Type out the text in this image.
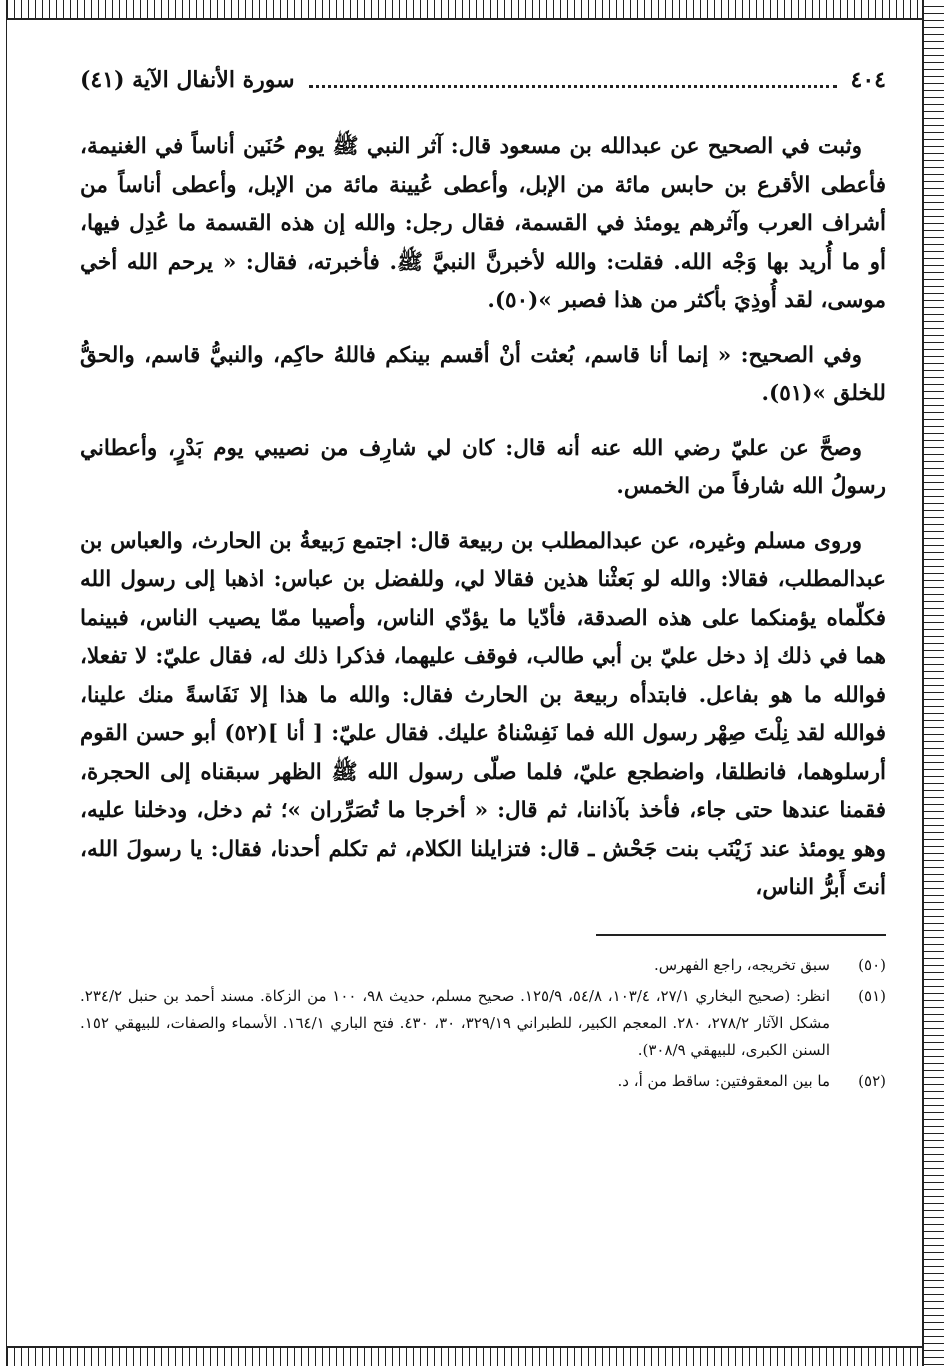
٤٠٤
سورة الأنفال الآية (٤١)

وثبت في الصحيح عن عبدالله بن مسعود قال: آثر النبي ﷺ يوم حُنَين أناساً في الغنيمة، فأعطى الأقرع بن حابس مائة من الإبل، وأعطى عُيينة مائة من الإبل، وأعطى أناساً من أشراف العرب وآثرهم يومئذ في القسمة، فقال رجل: والله إن هذه القسمة ما عُدِل فيها، أو ما أُريد بها وَجْه الله. فقلت: والله لأخبرنَّ النبيَّ ﷺ. فأخبرته، فقال: « يرحم الله أخي موسى، لقد أُوذِيَ بأكثر من هذا فصبر »(٥٠).

وفي الصحيح: « إنما أنا قاسم، بُعثت أنْ أقسم بينكم فاللهُ حاكِم، والنبيُّ قاسم، والحقُّ للخلق »(٥١).

وصحَّ عن عليّ رضي الله عنه أنه قال: كان لي شارِف من نصيبي يوم بَدْرٍ، وأعطاني رسولُ الله شارفاً من الخمس.

وروى مسلم وغيره، عن عبدالمطلب بن ربيعة قال: اجتمع رَبيعةُ بن الحارث، والعباس بن عبدالمطلب، فقالا: والله لو بَعثْنا هذين فقالا لي، وللفضل بن عباس: اذهبا إلى رسول الله فكلّماه يؤمنكما على هذه الصدقة، فأدّيا ما يؤدّي الناس، وأصيبا ممّا يصيب الناس، فبينما هما في ذلك إذ دخل عليّ بن أبي طالب، فوقف عليهما، فذكرا ذلك له، فقال عليّ: لا تفعلا، فوالله ما هو بفاعل. فابتدأه ربيعة بن الحارث فقال: والله ما هذا إلا نَفَاسةً منك علينا، فوالله لقد نِلْتَ صِهْر رسول الله فما نَفِسْناهُ عليك. فقال عليّ: [ أنا ](٥٢) أبو حسن القوم أرسلوهما، فانطلقا، واضطجع عليّ، فلما صلّى رسول الله ﷺ الظهر سبقناه إلى الحجرة، فقمنا عندها حتى جاء، فأخذ بآذاننا، ثم قال: « أخرجا ما تُصَرِّران »؛ ثم دخل، ودخلنا عليه، وهو يومئذ عند زَيْنَب بنت جَحْش ـ قال: فتزايلنا الكلام، ثم تكلم أحدنا، فقال: يا رسولَ الله، أنتَ أَبرُّ الناس،

(٥٠)
سبق تخريجه، راجع الفهرس.
(٥١)
انظر: (صحيح البخاري ٢٧/١، ١٠٣/٤، ٥٤/٨، ١٢٥/٩. صحيح مسلم، حديث ٩٨، ١٠٠ من الزكاة. مسند أحمد بن حنبل ٢٣٤/٢. مشكل الآثار ٢٧٨/٢، ٢٨٠. المعجم الكبير، للطبراني ٣٢٩/١٩، ٣٠، ٤٣٠. فتح الباري ١٦٤/١. الأسماء والصفات، للبيهقي ١٥٢. السنن الكبرى، للبيهقي ٣٠٨/٩).
(٥٢)
ما بين المعقوفتين: ساقط من أ، د.
